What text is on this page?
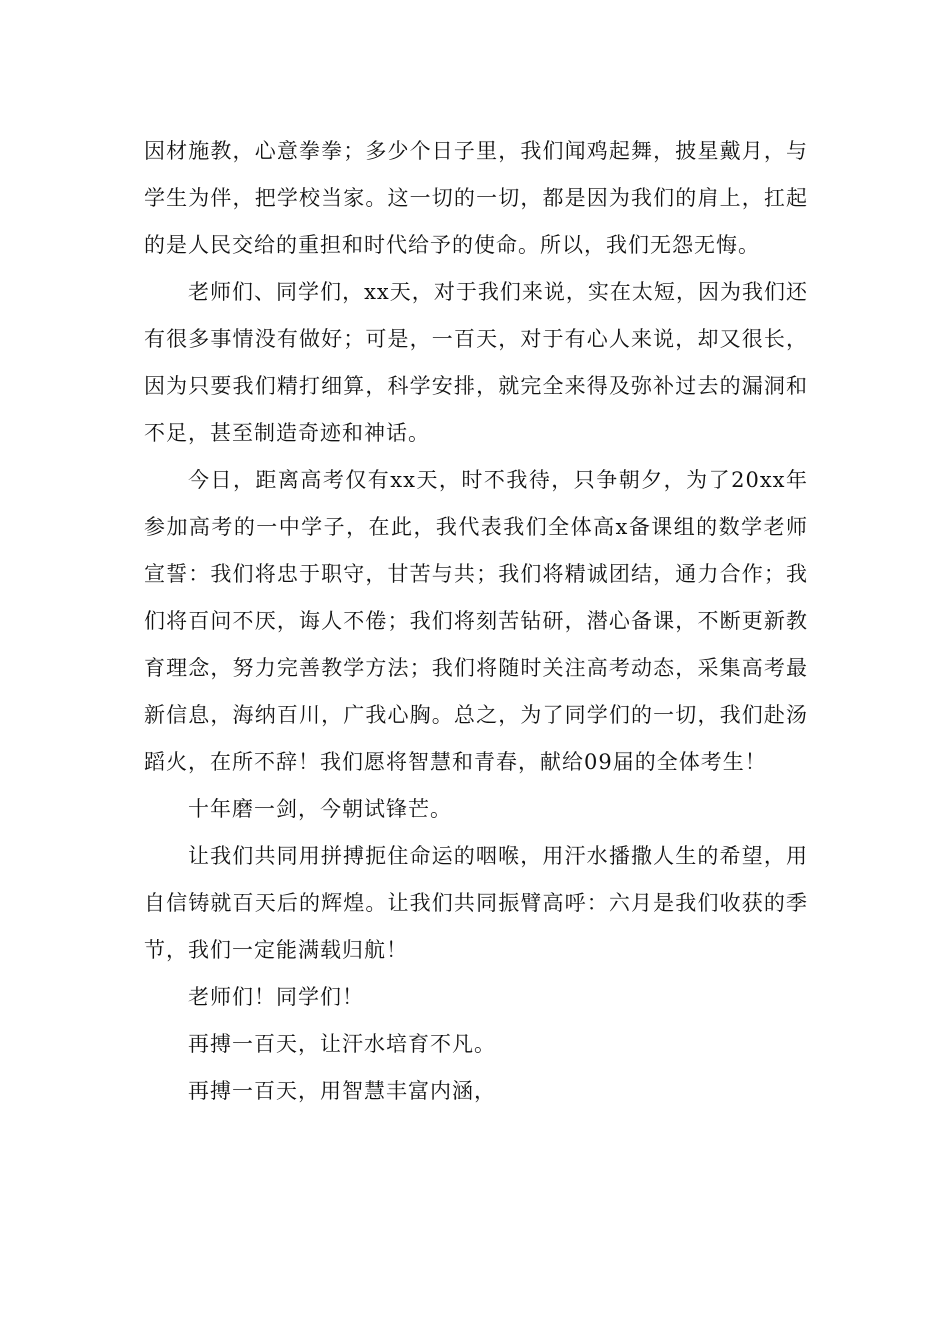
因材施教，心意拳拳；多少个日子里，我们闻鸡起舞，披星戴月，与学生为伴，把学校当家。这一切的一切，都是因为我们的肩上，扛起的是人民交给的重担和时代给予的使命。所以，我们无怨无悔。

老师们、同学们，xx天，对于我们来说，实在太短，因为我们还有很多事情没有做好；可是，一百天，对于有心人来说，却又很长，因为只要我们精打细算，科学安排，就完全来得及弥补过去的漏洞和不足，甚至制造奇迹和神话。

今日，距离高考仅有xx天，时不我待，只争朝夕，为了20xx年参加高考的一中学子，在此，我代表我们全体高x备课组的数学老师宣誓：我们将忠于职守，甘苦与共；我们将精诚团结，通力合作；我们将百问不厌，诲人不倦；我们将刻苦钻研，潜心备课，不断更新教育理念，努力完善教学方法；我们将随时关注高考动态，采集高考最新信息，海纳百川，广我心胸。总之，为了同学们的一切，我们赴汤蹈火，在所不辞！我们愿将智慧和青春，献给09届的全体考生！

十年磨一剑，今朝试锋芒。

让我们共同用拼搏扼住命运的咽喉，用汗水播撒人生的希望，用自信铸就百天后的辉煌。让我们共同振臂高呼：六月是我们收获的季节，我们一定能满载归航！

老师们！同学们！

再搏一百天，让汗水培育不凡。

再搏一百天，用智慧丰富内涵，
